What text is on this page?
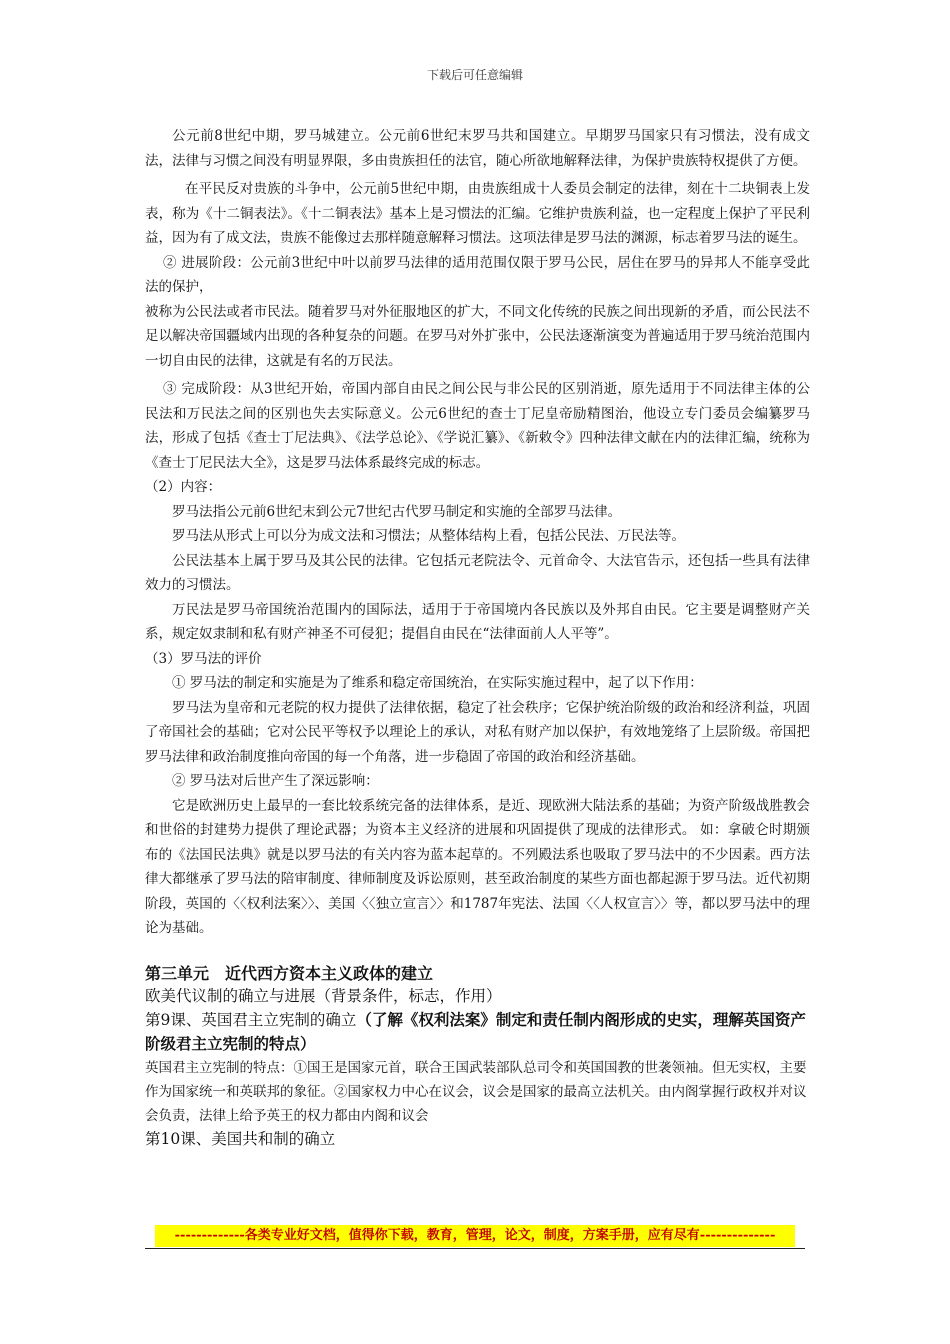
下载后可任意编辑

公元前8世纪中期，罗马城建立。公元前6世纪末罗马共和国建立。早期罗马国家只有习惯法，没有成文法，法律与习惯之间没有明显界限，多由贵族担任的法官，随心所欲地解释法律，为保护贵族特权提供了方便。

在平民反对贵族的斗争中，公元前5世纪中期，由贵族组成十人委员会制定的法律，刻在十二块铜表上发表，称为《十二铜表法》。《十二铜表法》基本上是习惯法的汇编。它维护贵族利益，也一定程度上保护了平民利益，因为有了成文法，贵族不能像过去那样随意解释习惯法。这项法律是罗马法的渊源，标志着罗马法的诞生。

② 进展阶段：公元前3世纪中叶以前罗马法律的适用范围仅限于罗马公民，居住在罗马的异邦人不能享受此法的保护，

被称为公民法或者市民法。随着罗马对外征服地区的扩大，不同文化传统的民族之间出现新的矛盾，而公民法不足以解决帝国疆域内出现的各种复杂的问题。在罗马对外扩张中，公民法逐渐演变为普遍适用于罗马统治范围内一切自由民的法律，这就是有名的万民法。

③ 完成阶段：从3世纪开始，帝国内部自由民之间公民与非公民的区别消逝，原先适用于不同法律主体的公民法和万民法之间的区别也失去实际意义。公元6世纪的查士丁尼皇帝励精图治，他设立专门委员会编纂罗马法，形成了包括《查士丁尼法典》、《法学总论》、《学说汇纂》、《新敕令》四种法律文献在内的法律汇编，统称为《查士丁尼民法大全》，这是罗马法体系最终完成的标志。

（2）内容：

罗马法指公元前6世纪末到公元7世纪古代罗马制定和实施的全部罗马法律。

罗马法从形式上可以分为成文法和习惯法；从整体结构上看，包括公民法、万民法等。

公民法基本上属于罗马及其公民的法律。它包括元老院法令、元首命令、大法官告示，还包括一些具有法律效力的习惯法。

万民法是罗马帝国统治范围内的国际法，适用于于帝国境内各民族以及外邦自由民。它主要是调整财产关系，规定奴隶制和私有财产神圣不可侵犯；提倡自由民在“法律面前人人平等”。

（3）罗马法的评价

① 罗马法的制定和实施是为了维系和稳定帝国统治，在实际实施过程中，起了以下作用：

罗马法为皇帝和元老院的权力提供了法律依据，稳定了社会秩序；它保护统治阶级的政治和经济利益，巩固了帝国社会的基础；它对公民平等权予以理论上的承认，对私有财产加以保护，有效地笼络了上层阶级。帝国把罗马法律和政治制度推向帝国的每一个角落，进一步稳固了帝国的政治和经济基础。

② 罗马法对后世产生了深远影响：

它是欧洲历史上最早的一套比较系统完备的法律体系，是近、现欧洲大陆法系的基础；为资产阶级战胜教会和世俗的封建势力提供了理论武器；为资本主义经济的进展和巩固提供了现成的法律形式。 如：拿破仑时期颁布的《法国民法典》就是以罗马法的有关内容为蓝本起草的。不列殿法系也吸取了罗马法中的不少因素。西方法律大都继承了罗马法的陪审制度、律师制度及诉讼原则，甚至政治制度的某些方面也都起源于罗马法。近代初期阶段，英国的〈〈权利法案〉〉、美国〈〈独立宣言〉〉和1787年宪法、法国〈〈人权宣言〉〉等，都以罗马法中的理论为基础。

第三单元　近代西方资本主义政体的建立

欧美代议制的确立与进展（背景条件，标志，作用）

第9课、英国君主立宪制的确立（了解《权利法案》制定和责任制内阁形成的史实，理解英国资产阶级君主立宪制的特点）

英国君主立宪制的特点：①国王是国家元首，联合王国武装部队总司令和英国国教的世袭领袖。但无实权，主要作为国家统一和英联邦的象征。②国家权力中心在议会，议会是国家的最高立法机关。由内阁掌握行政权并对议会负责，法律上给予英王的权力都由内阁和议会

第10课、美国共和制的确立

-------------各类专业好文档，值得你下载，教育，管理，论文，制度，方案手册，应有尽有--------------
